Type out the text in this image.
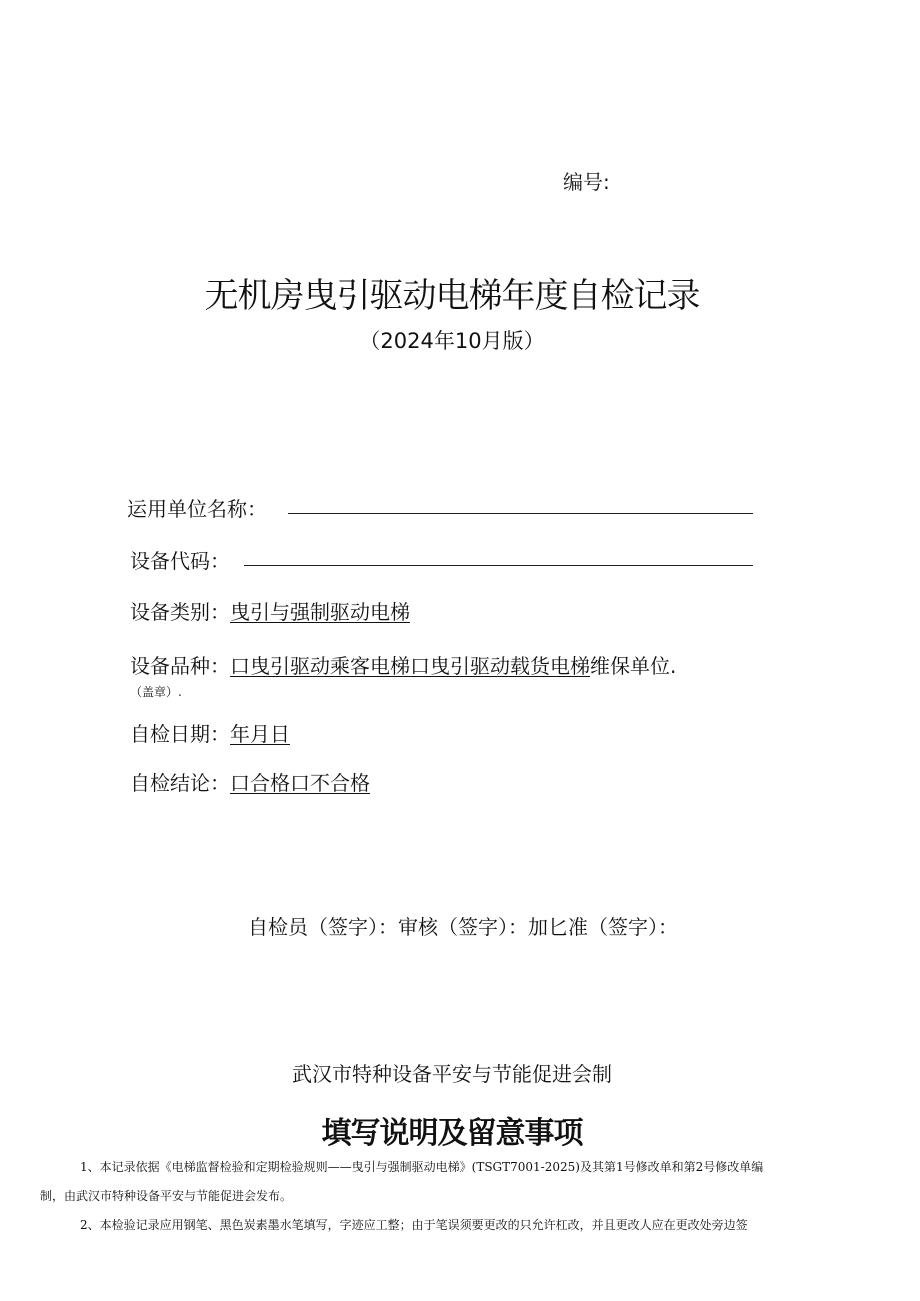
编号:
无机房曳引驱动电梯年度自检记录
（2024年10月版）
运用单位名称：
设备代码：
设备类别：曳引与强制驱动电梯
设备品种：口曳引驱动乘客电梯口曳引驱动载货电梯维保单位.
（盖章）.
自检日期：年月日
自检结论：口合格口不合格
自检员（签字）：审核（签字）：加匕准（签字）：
武汉市特种设备平安与节能促进会制
填写说明及留意事项
1、本记录依据《电梯监督检验和定期检验规则——曳引与强制驱动电梯》(TSGT7001-2025)及其第1号修改单和第2号修改单编
制，由武汉市特种设备平安与节能促进会发布。
2、本检验记录应用钢笔、黑色炭素墨水笔填写，字迹应工整；由于笔误须要更改的只允许杠改，并且更改人应在更改处旁边签
